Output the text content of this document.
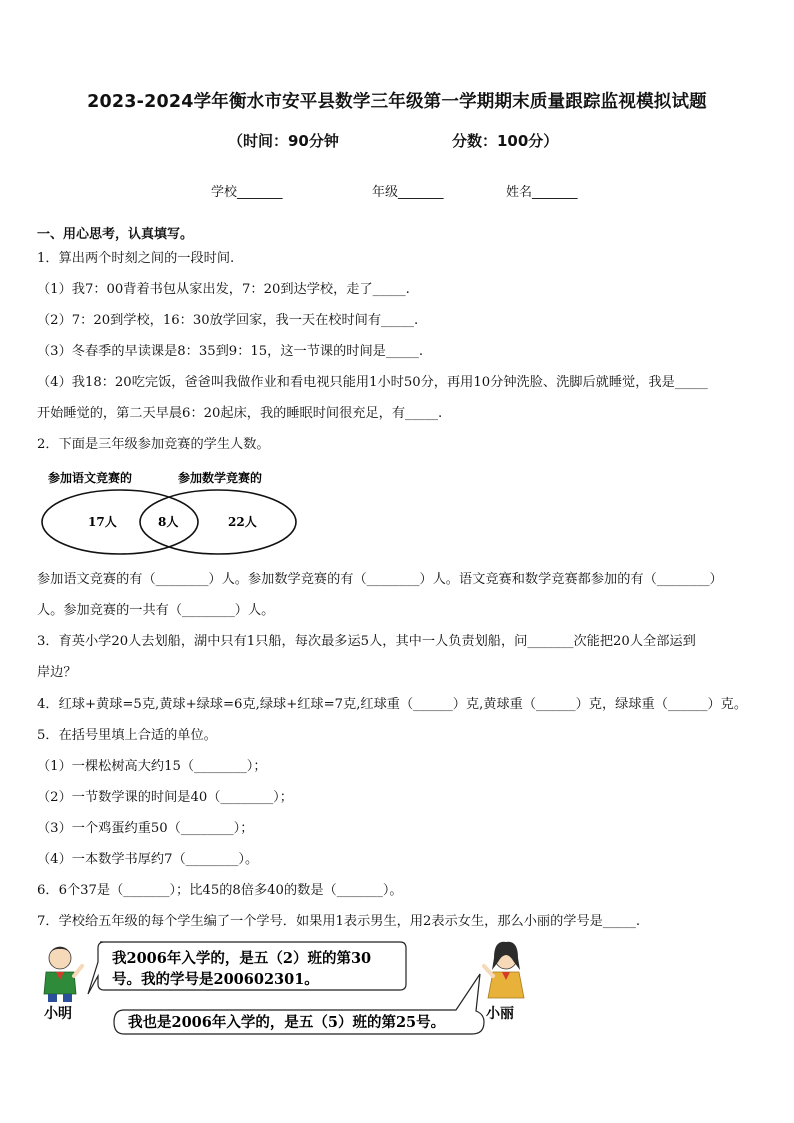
2023-2024学年衡水市安平县数学三年级第一学期期末质量跟踪监视模拟试题
（时间：90分钟	分数：100分）
学校_______	年级_______	姓名_______
一、用心思考，认真填写。
1．算出两个时刻之间的一段时间.
（1）我7：00背着书包从家出发，7：20到达学校，走了_____.
（2）7：20到学校，16：30放学回家，我一天在校时间有_____.
（3）冬春季的早读课是8：35到9：15，这一节课的时间是_____.
（4）我18：20吃完饭，爸爸叫我做作业和看电视只能用1小时50分，再用10分钟洗脸、洗脚后就睡觉，我是_____
开始睡觉的，第二天早晨6：20起床，我的睡眠时间很充足，有_____.
2．下面是三年级参加竞赛的学生人数。
参加语文竞赛的	参加数学竞赛的
17人	8人	22人
参加语文竞赛的有（________）人。参加数学竞赛的有（________）人。语文竞赛和数学竞赛都参加的有（________）
人。参加竞赛的一共有（________）人。
3．育英小学20人去划船，湖中只有1只船，每次最多运5人，其中一人负责划船，问_______次能把20人全部运到
岸边？
4．红球+黄球=5克,黄球+绿球=6克,绿球+红球=7克,红球重（______）克,黄球重（______）克，绿球重（______）克。
5．在括号里填上合适的单位。
（1）一棵松树高大约15（________）；
（2）一节数学课的时间是40（________）；
（3）一个鸡蛋约重50（________）；
（4）一本数学书厚约7（________）。
6．6个37是（_______）；比45的8倍多40的数是（_______）。
7．学校给五年级的每个学生编了一个学号．如果用1表示男生，用2表示女生，那么小丽的学号是_____.
我2006年入学的，是五（2）班的第30
号。我的学号是200602301。
我也是2006年入学的，是五（5）班的第25号。
小明	小丽
